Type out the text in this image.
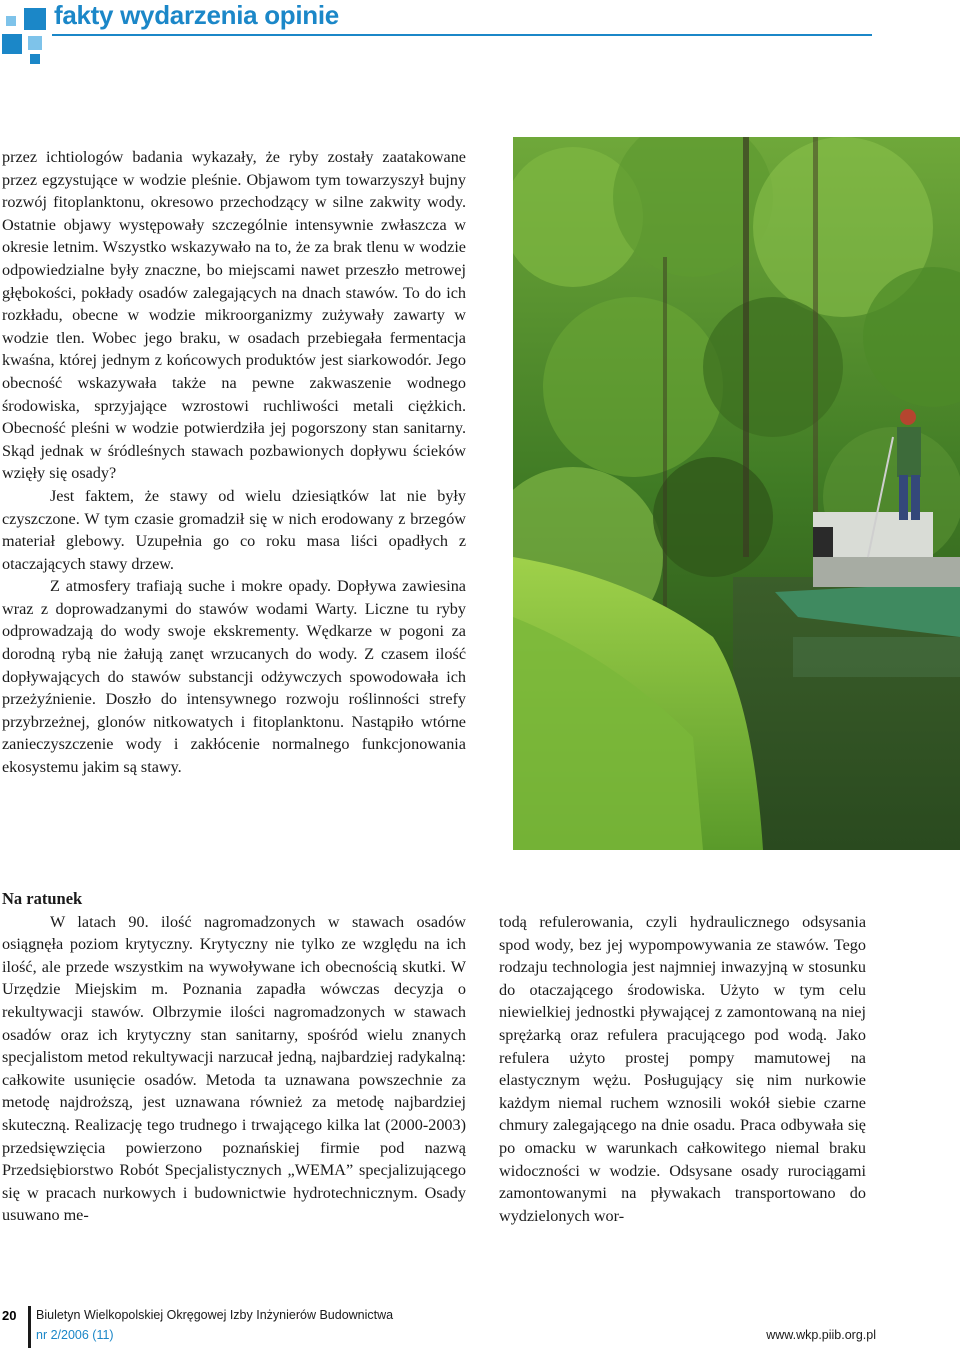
fakty wydarzenia opinie

przez ichtiologów badania wykazały, że ryby zostały zaatakowane przez egzystujące w wodzie pleśnie. Objawom tym towarzyszył bujny rozwój fitoplanktonu, okresowo przechodzący w silne zakwity wody. Ostatnie objawy występowały szczególnie intensywnie zwłaszcza w okresie letnim. Wszystko wskazywało na to, że za brak tlenu w wodzie odpowiedzialne były znaczne, bo miejscami nawet przeszło metrowej głębokości, pokłady osadów zalegających na dnach stawów. To do ich rozkładu, obecne w wodzie mikroorganizmy zużywały zawarty w wodzie tlen. Wobec jego braku, w osadach przebiegała fermentacja kwaśna, której jednym z końcowych produktów jest siarkowodór. Jego obecność wskazywała także na pewne zakwaszenie wodnego środowiska, sprzyjające wzrostowi ruchliwości metali ciężkich. Obecność pleśni w wodzie potwierdziła jej pogorszony stan sanitarny. Skąd jednak w śródleśnych stawach pozbawionych dopływu ścieków wzięły się osady?

Jest faktem, że stawy od wielu dziesiątków lat nie były czyszczone. W tym czasie gromadził się w nich erodowany z brzegów materiał glebowy. Uzupełnia go co roku masa liści opadłych z otaczających stawy drzew.

Z atmosfery trafiają suche i mokre opady. Dopływa zawiesina wraz z doprowadzanymi do stawów wodami Warty. Liczne tu ryby odprowadzają do wody swoje ekskrementy. Wędkarze w pogoni za dorodną rybą nie żałują zanęt wrzucanych do wody. Z czasem ilość dopływających do stawów substancji odżywczych spowodowała ich przeżyźnienie. Doszło do intensywnego rozwoju roślinności strefy przybrzeżnej, glonów nitkowatych i fitoplanktonu. Nastąpiło wtórne zanieczyszczenie wody i zakłócenie normalnego funkcjonowania ekosystemu jakim są stawy.

Na ratunek

W latach 90. ilość nagromadzonych w stawach osadów osiągnęła poziom krytyczny. Krytyczny nie tylko ze względu na ich ilość, ale przede wszystkim na wywoływane ich obecnością skutki. W Urzędzie Miejskim m. Poznania zapadła wówczas decyzja o rekultywacji stawów. Olbrzymie ilości nagromadzonych w stawach osadów oraz ich krytyczny stan sanitarny, spośród wielu znanych specjalistom metod rekultywacji narzucał jedną, najbardziej radykalną: całkowite usunięcie osadów. Metoda ta uznawana powszechnie za metodę najdroższą, jest uznawana również za metodę najbardziej skuteczną. Realizację tego trudnego i trwającego kilka lat (2000-2003) przedsięwzięcia powierzono poznańskiej firmie pod nazwą Przedsiębiorstwo Robót Specjalistycznych „WEMA” specjalizującego się w pracach nurkowych i budownictwie hydrotechnicznym. Osady usuwano me-

todą refulerowania, czyli hydraulicznego odsysania spod wody, bez jej wypompowywania ze stawów. Tego rodzaju technologia jest najmniej inwazyjną w stosunku do otaczającego środowiska. Użyto w tym celu niewielkiej jednostki pływającej z zamontowaną na niej sprężarką oraz refulera pracującego pod wodą. Jako refulera użyto prostej pompy mamutowej na elastycznym wężu. Posługujący się nim nurkowie każdym niemal ruchem wznosili wokół siebie czarne chmury zalegającego na dnie osadu. Praca odbywała się po omacku w warunkach całkowitego niemal braku widoczności w wodzie. Odsysane osady rurociągami zamontowanymi na pływakach transportowano do wydzielonych wor-

20 Biuletyn Wielkopolskiej Okręgowej Izby Inżynierów Budownictwa
nr 2/2006 (11)	www.wkp.piib.org.pl
